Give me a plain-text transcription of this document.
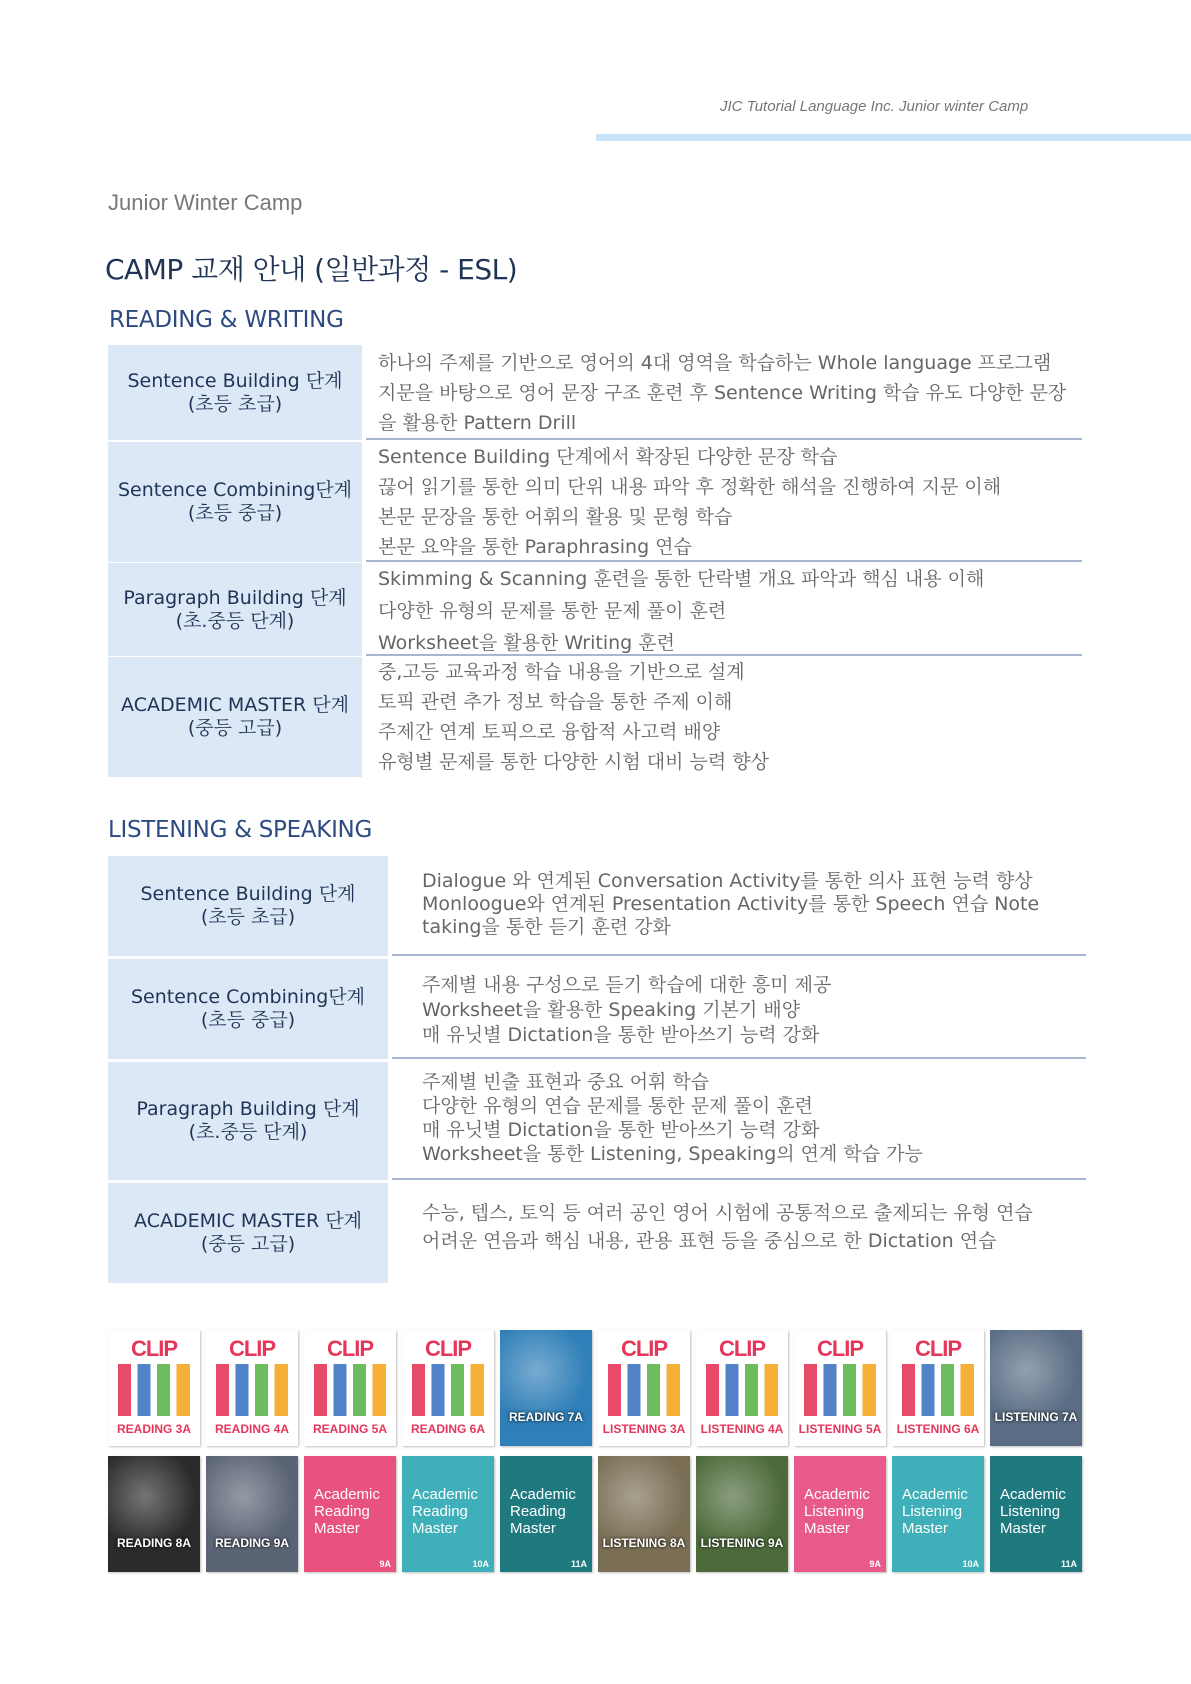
JIC Tutorial Language Inc. Junior winter Camp
Junior Winter Camp
CAMP 교재 안내 (일반과정 - ESL)
READING & WRITING
Sentence Building 단계
(초등 초급)
하나의 주제를 기반으로 영어의 4대 영역을 학습하는 Whole language 프로그램
지문을 바탕으로 영어 문장 구조 훈련 후 Sentence Writing 학습 유도 다양한 문장
을 활용한 Pattern Drill
Sentence Combining단계
(초등 중급)
Sentence Building 단계에서 확장된 다양한 문장 학습
끊어 읽기를 통한 의미 단위 내용 파악 후 정확한 해석을 진행하여 지문 이해
본문 문장을 통한 어휘의 활용 및 문형 학습
본문 요약을 통한 Paraphrasing 연습
Paragraph Building 단계
(초.중등 단계)
Skimming & Scanning 훈련을 통한 단락별 개요 파악과 핵심 내용 이해
다양한 유형의 문제를 통한 문제 풀이 훈련
Worksheet을 활용한 Writing 훈련
ACADEMIC MASTER 단계
(중등 고급)
중,고등 교육과정 학습 내용을 기반으로 설계
토픽 관련 추가 정보 학습을 통한 주제 이해
주제간 연계 토픽으로 융합적 사고력 배양
유형별 문제를 통한 다양한 시험 대비 능력 향상
LISTENING & SPEAKING
Sentence Building 단계
(초등 초급)
Dialogue 와 연계된 Conversation Activity를 통한 의사 표현 능력 향상
Monloogue와 연계된 Presentation Activity를 통한 Speech 연습 Note
taking을 통한 듣기 훈련 강화
Sentence Combining단계
(초등 중급)
주제별 내용 구성으로 듣기 학습에 대한 흥미 제공
Worksheet을 활용한 Speaking 기본기 배양
매 유닛별 Dictation을 통한 받아쓰기 능력 강화
Paragraph Building 단계
(초.중등 단계)
주제별 빈출 표현과 중요 어휘 학습
다양한 유형의 연습 문제를 통한 문제 풀이 훈련
매 유닛별 Dictation을 통한 받아쓰기 능력 강화
Worksheet을 통한 Listening, Speaking의 연계 학습 가능
ACADEMIC MASTER 단계
(중등 고급)
수능, 텝스, 토익 등 여러 공인 영어 시험에 공통적으로 출제되는 유형 연습
어려운 연음과 핵심 내용, 관용 표현 등을 중심으로 한 Dictation 연습
CLIP
READING 3A
CLIP
READING 4A
CLIP
READING 5A
CLIP
READING 6A
READING 7A
CLIP
LISTENING 3A
CLIP
LISTENING 4A
CLIP
LISTENING 5A
CLIP
LISTENING 6A
LISTENING 7A
READING 8A	READING 9A
Academic
Reading
Master
9A
Academic
Reading
Master
10A
Academic
Reading
Master
11A
LISTENING 8A	LISTENING 9A
Academic
Listening
Master
9A
Academic
Listening
Master
10A
Academic
Listening
Master
11A
